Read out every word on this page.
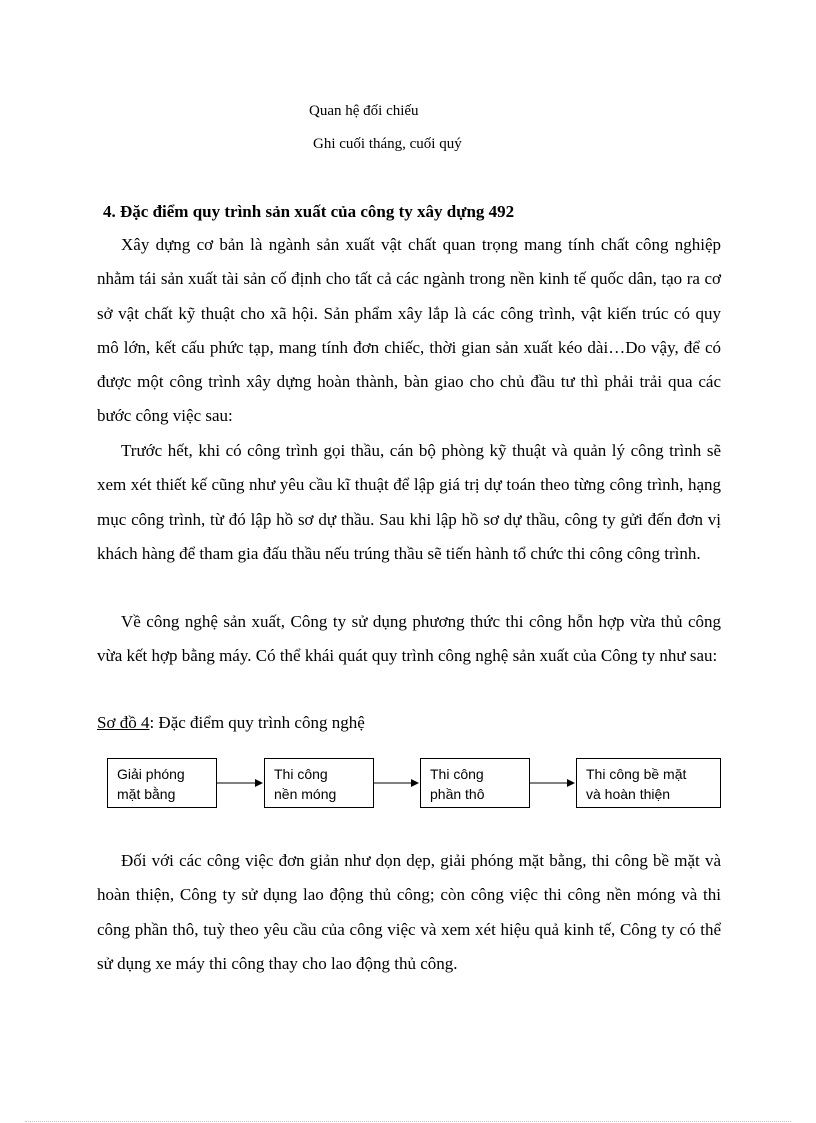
Quan hệ đối chiếu
Ghi cuối tháng, cuối quý
4. Đặc điểm quy trình sản xuất của công ty xây dựng 492

Xây dựng cơ bản là ngành sản xuất vật chất quan trọng mang tính chất công nghiệp nhằm tái sản xuất tài sản cố định cho tất cả các ngành trong nền kinh tế quốc dân, tạo ra cơ sở vật chất kỹ thuật cho xã hội. Sản phẩm xây lắp là các công trình, vật kiến trúc có quy mô lớn, kết cấu phức tạp, mang tính đơn chiếc, thời gian sản xuất kéo dài…Do vậy, để có được một công trình xây dựng hoàn thành, bàn giao cho chủ đầu tư thì phải trải qua các bước công việc sau:

Trước hết, khi có công trình gọi thầu, cán bộ phòng kỹ thuật và quản lý công trình sẽ xem xét thiết kế cũng như yêu cầu kĩ thuật để lập giá trị dự toán theo từng công trình, hạng mục công trình, từ đó lập hồ sơ dự thầu. Sau khi lập hồ sơ dự thầu, công ty gửi đến đơn vị khách hàng để tham gia đấu thầu nếu trúng thầu sẽ tiến hành tổ chức thi công công trình.

Về công nghệ sản xuất, Công ty sử dụng phương thức thi công hỗn hợp vừa thủ công vừa kết hợp bằng máy. Có thể khái quát quy trình công nghệ sản xuất của Công ty như sau:

Sơ đồ 4: Đặc điểm quy trình công nghệ
Giải phóng
mặt bằng
Thi công
nền móng
Thi công
phần thô
Thi công bề mặt
và hoàn thiện

Đối với các công việc đơn giản như dọn dẹp, giải phóng mặt bằng, thi công bề mặt và hoàn thiện, Công ty sử dụng lao động thủ công; còn công việc thi công nền móng và thi công phần thô, tuỳ theo yêu cầu của công việc và xem xét hiệu quả kinh tế, Công ty có thể sử dụng xe máy thi công thay cho lao động thủ công.
